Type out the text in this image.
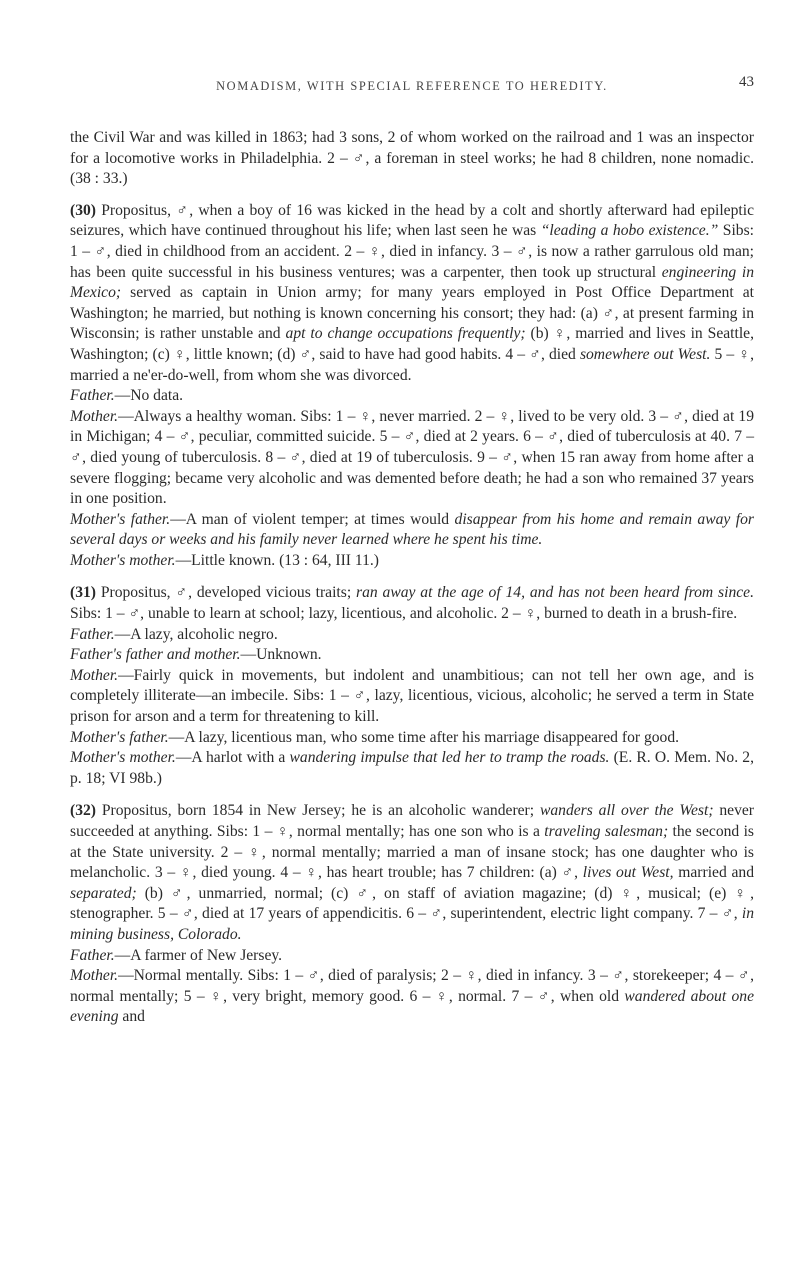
NOMADISM, WITH SPECIAL REFERENCE TO HEREDITY.	43

the Civil War and was killed in 1863; had 3 sons, 2 of whom worked on the railroad and 1 was an inspector for a locomotive works in Philadelphia. 2 – ♂, a foreman in steel works; he had 8 children, none nomadic. (38 : 33.)

(30) Propositus, ♂, when a boy of 16 was kicked in the head by a colt and shortly afterward had epileptic seizures, which have continued throughout his life; when last seen he was “leading a hobo existence.” Sibs: 1 – ♂, died in childhood from an accident. 2 – ♀, died in infancy. 3 – ♂, is now a rather garrulous old man; has been quite successful in his business ventures; was a carpenter, then took up structural engineering in Mexico; served as captain in Union army; for many years employed in Post Office Department at Washington; he married, but nothing is known concerning his consort; they had: (a) ♂, at present farming in Wisconsin; is rather unstable and apt to change occupations frequently; (b) ♀, married and lives in Seattle, Washington; (c) ♀, little known; (d) ♂, said to have had good habits. 4 – ♂, died somewhere out West. 5 – ♀, married a ne'er-do-well, from whom she was divorced.

Father.—No data.

Mother.—Always a healthy woman. Sibs: 1 – ♀, never married. 2 – ♀, lived to be very old. 3 – ♂, died at 19 in Michigan; 4 – ♂, peculiar, committed suicide. 5 – ♂, died at 2 years. 6 – ♂, died of tuberculosis at 40. 7 – ♂, died young of tuberculosis. 8 – ♂, died at 19 of tuberculosis. 9 – ♂, when 15 ran away from home after a severe flogging; became very alcoholic and was demented before death; he had a son who remained 37 years in one position.

Mother's father.—A man of violent temper; at times would disappear from his home and remain away for several days or weeks and his family never learned where he spent his time.

Mother's mother.—Little known. (13 : 64, III 11.)

(31) Propositus, ♂, developed vicious traits; ran away at the age of 14, and has not been heard from since. Sibs: 1 – ♂, unable to learn at school; lazy, licentious, and alcoholic. 2 – ♀, burned to death in a brush-fire.

Father.—A lazy, alcoholic negro.

Father's father and mother.—Unknown.

Mother.—Fairly quick in movements, but indolent and unambitious; can not tell her own age, and is completely illiterate—an imbecile. Sibs: 1 – ♂, lazy, licentious, vicious, alcoholic; he served a term in State prison for arson and a term for threatening to kill.

Mother's father.—A lazy, licentious man, who some time after his marriage disappeared for good.

Mother's mother.—A harlot with a wandering impulse that led her to tramp the roads. (E. R. O. Mem. No. 2, p. 18; VI 98b.)

(32) Propositus, born 1854 in New Jersey; he is an alcoholic wanderer; wanders all over the West; never succeeded at anything. Sibs: 1 – ♀, normal mentally; has one son who is a traveling salesman; the second is at the State university. 2 – ♀, normal mentally; married a man of insane stock; has one daughter who is melancholic. 3 – ♀, died young. 4 – ♀, has heart trouble; has 7 children: (a) ♂, lives out West, married and separated; (b) ♂, unmarried, normal; (c) ♂, on staff of aviation magazine; (d) ♀, musical; (e) ♀, stenographer. 5 – ♂, died at 17 years of appendicitis. 6 – ♂, superintendent, electric light company. 7 – ♂, in mining business, Colorado.

Father.—A farmer of New Jersey.

Mother.—Normal mentally. Sibs: 1 – ♂, died of paralysis; 2 – ♀, died in infancy. 3 – ♂, storekeeper; 4 – ♂, normal mentally; 5 – ♀, very bright, memory good. 6 – ♀, normal. 7 – ♂, when old wandered about one evening and
